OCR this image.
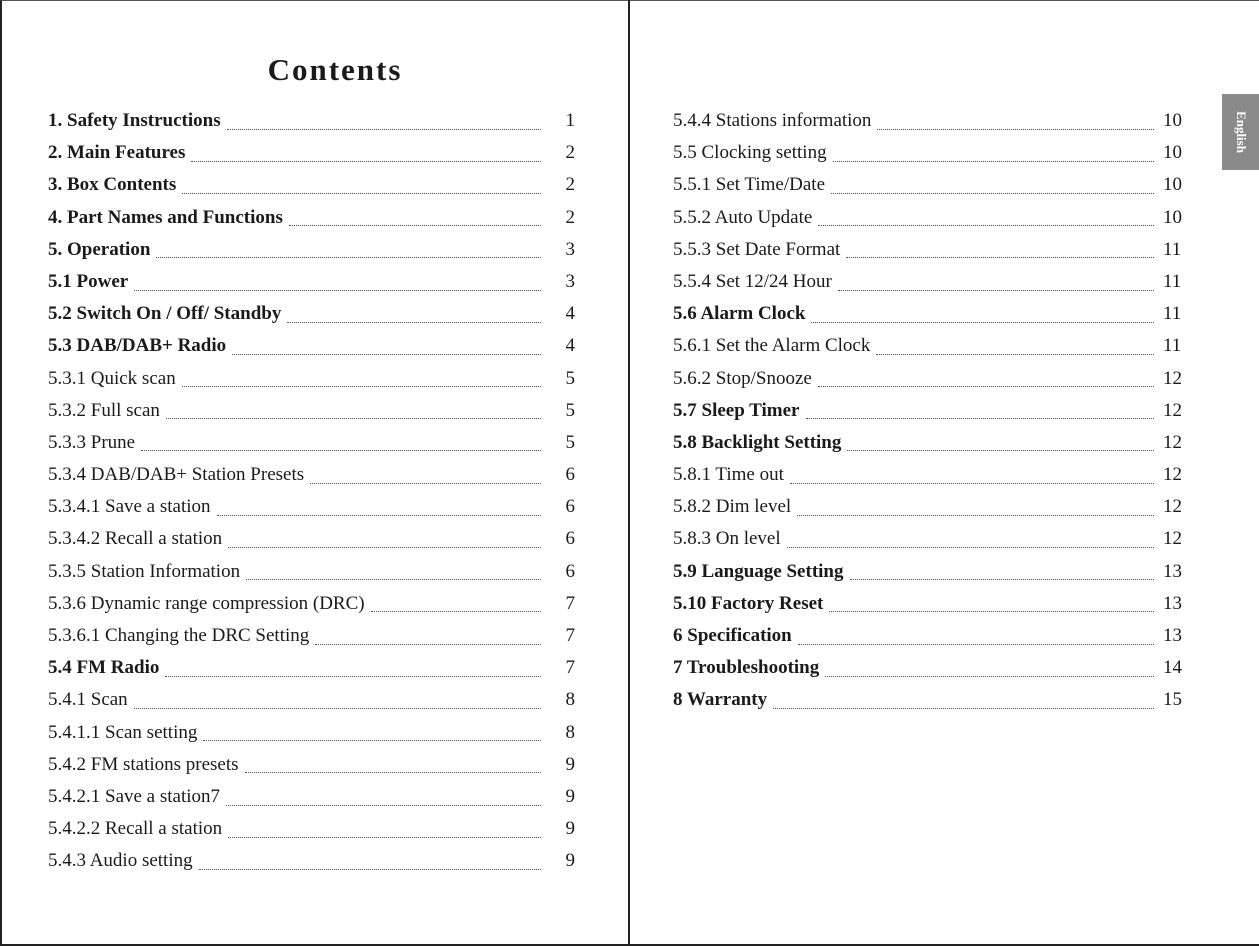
Contents
1. Safety Instructions	1
2. Main Features	2
3. Box Contents	2
4. Part Names and Functions	2
5. Operation	3
5.1 Power	3
5.2 Switch On / Off/ Standby	4
5.3 DAB/DAB+ Radio	4
5.3.1 Quick scan	5
5.3.2 Full scan	5
5.3.3 Prune	5
5.3.4 DAB/DAB+ Station Presets	6
5.3.4.1 Save a station	6
5.3.4.2 Recall a station	6
5.3.5 Station Information	6
5.3.6 Dynamic range compression (DRC)	7
5.3.6.1 Changing the DRC Setting	7
5.4 FM Radio	7
5.4.1 Scan	8
5.4.1.1 Scan setting	8
5.4.2 FM stations presets	9
5.4.2.1 Save a station7	9
5.4.2.2 Recall a station	9
5.4.3 Audio setting	9
5.4.4 Stations information	10
5.5 Clocking setting	10
5.5.1 Set Time/Date	10
5.5.2 Auto Update	10
5.5.3 Set Date Format	11
5.5.4 Set 12/24 Hour	11
5.6 Alarm Clock	11
5.6.1 Set the Alarm Clock	11
5.6.2 Stop/Snooze	12
5.7 Sleep Timer	12
5.8 Backlight Setting	12
5.8.1 Time out	12
5.8.2 Dim level	12
5.8.3 On level	12
5.9 Language Setting	13
5.10 Factory Reset	13
6 Specification	13
7 Troubleshooting	14
8 Warranty	15
English
